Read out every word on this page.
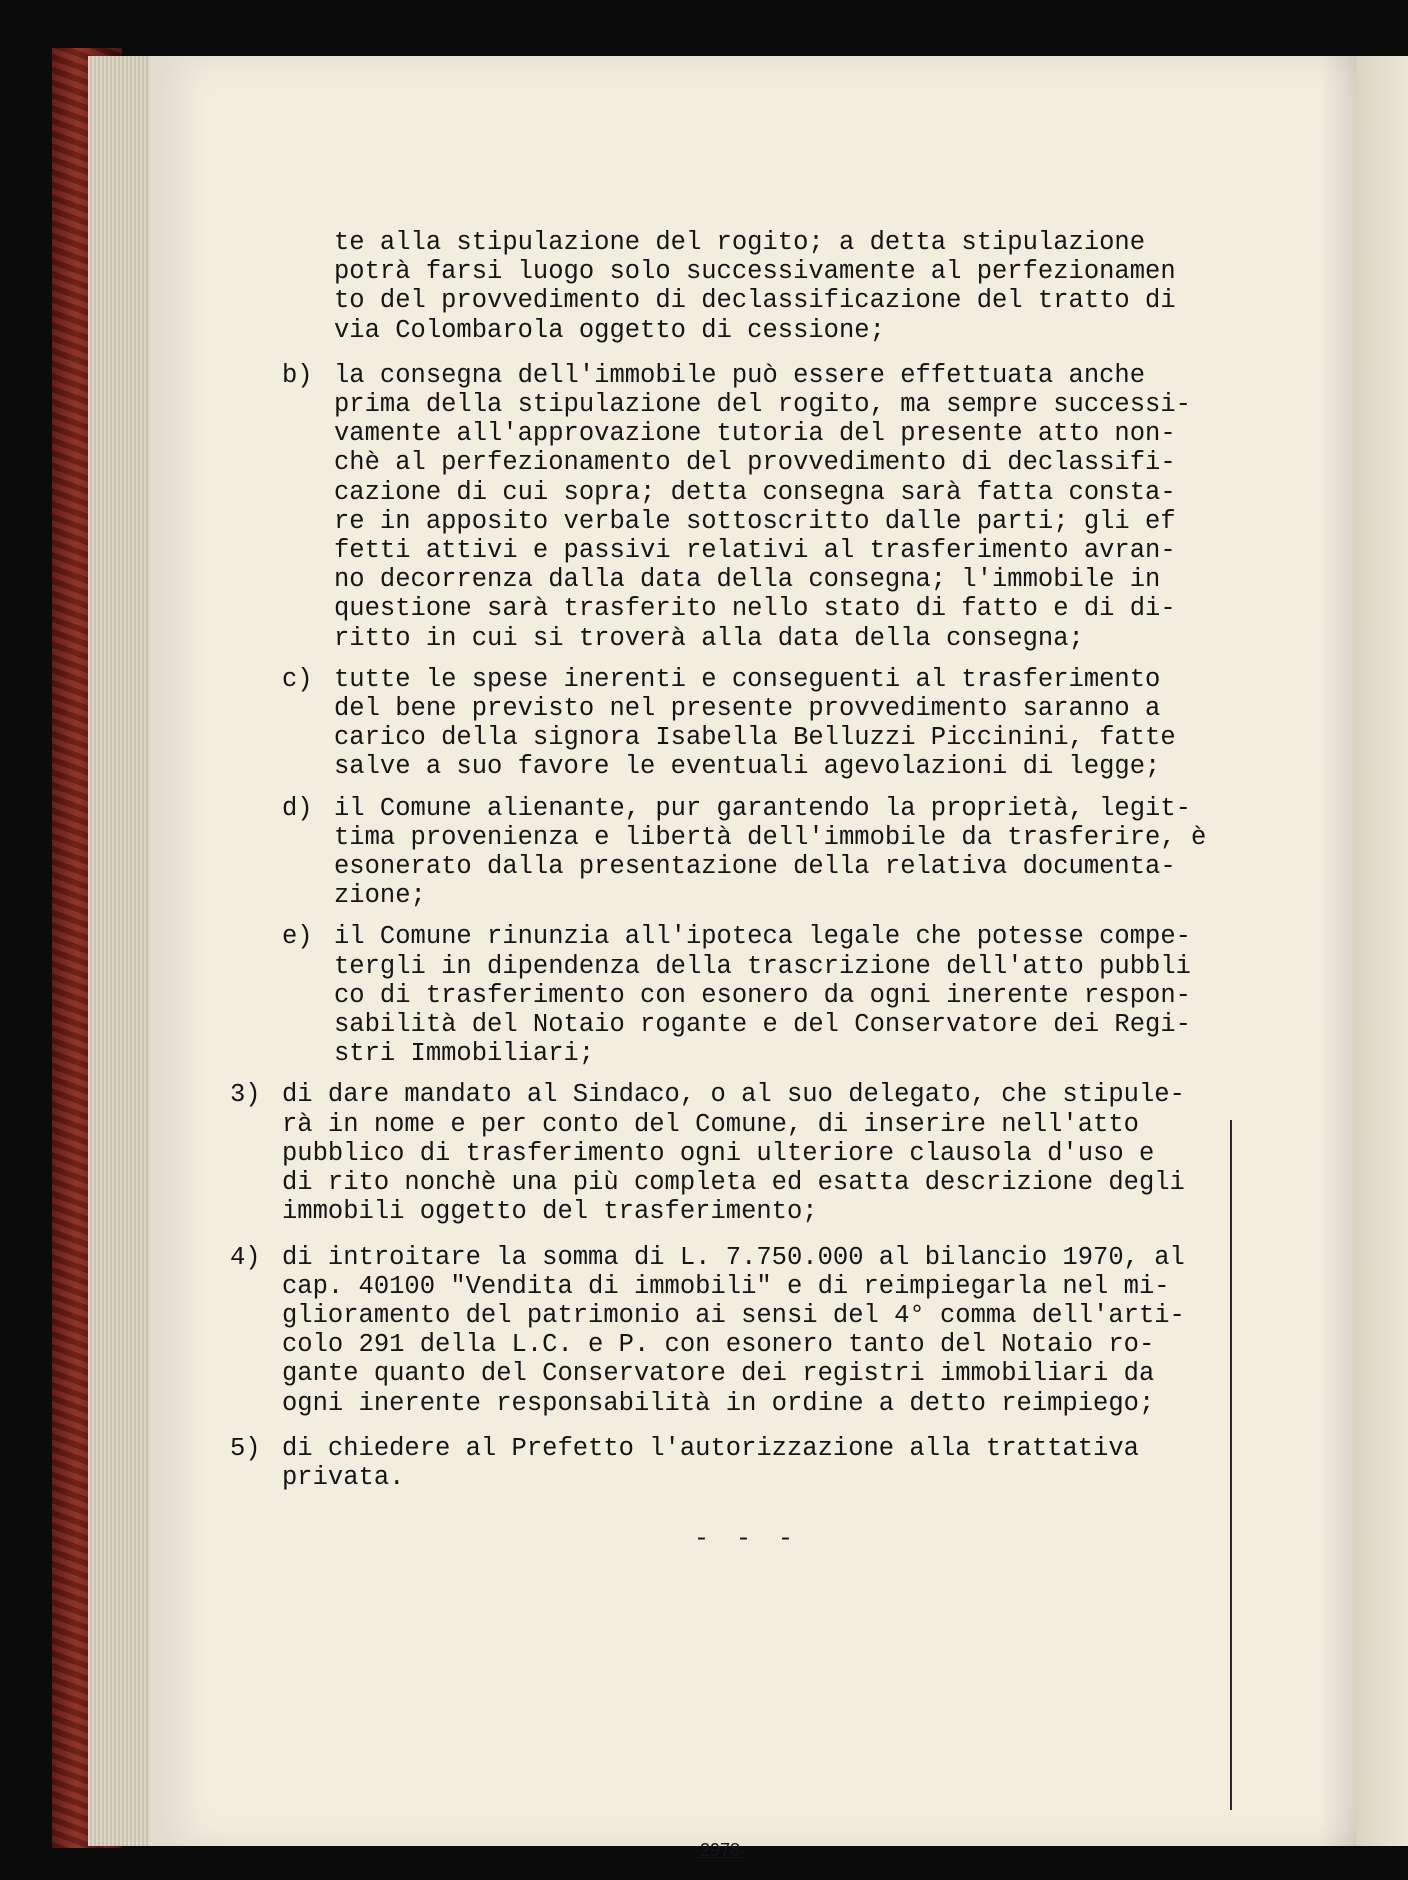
te alla stipulazione del rogito; a detta stipulazione
potrà farsi luogo solo successivamente al perfezionamen
to del provvedimento di declassificazione del tratto di
via Colombarola oggetto di cessione;
b) la consegna dell'immobile può essere effettuata anche
prima della stipulazione del rogito, ma sempre successi-
vamente all'approvazione tutoria del presente atto non-
chè al perfezionamento del provvedimento di declassifi-
cazione di cui sopra; detta consegna sarà fatta consta-
re in apposito verbale sottoscritto dalle parti; gli ef
fetti attivi e passivi relativi al trasferimento avran-
no decorrenza dalla data della consegna; l'immobile in
questione sarà trasferito nello stato di fatto e di di-
ritto in cui si troverà alla data della consegna;
c) tutte le spese inerenti e conseguenti al trasferimento
del bene previsto nel presente provvedimento saranno a
carico della signora Isabella Belluzzi Piccinini, fatte
salve a suo favore le eventuali agevolazioni di legge;
d) il Comune alienante, pur garantendo la proprietà, legit-
tima provenienza e libertà dell'immobile da trasferire, è
esonerato dalla presentazione della relativa documenta-
zione;
e) il Comune rinunzia all'ipoteca legale che potesse compe-
tergli in dipendenza della trascrizione dell'atto pubbli
co di trasferimento con esonero da ogni inerente respon-
sabilità del Notaio rogante e del Conservatore dei Regi-
stri Immobiliari;
3) di dare mandato al Sindaco, o al suo delegato, che stipule-
rà in nome e per conto del Comune, di inserire nell'atto
pubblico di trasferimento ogni ulteriore clausola d'uso e
di rito nonchè una più completa ed esatta descrizione degli
immobili oggetto del trasferimento;
4) di introitare la somma di L. 7.750.000 al bilancio 1970, al
cap. 40100 "Vendita di immobili" e di reimpiegarla nel mi-
glioramento del patrimonio ai sensi del 4° comma dell'arti-
colo 291 della L.C. e P. con esonero tanto del Notaio ro-
gante quanto del Conservatore dei registri immobiliari da
ogni inerente responsabilità in ordine a detto reimpiego;
5) di chiedere al Prefetto l'autorizzazione alla trattativa
privata.
- - -
-2978-
